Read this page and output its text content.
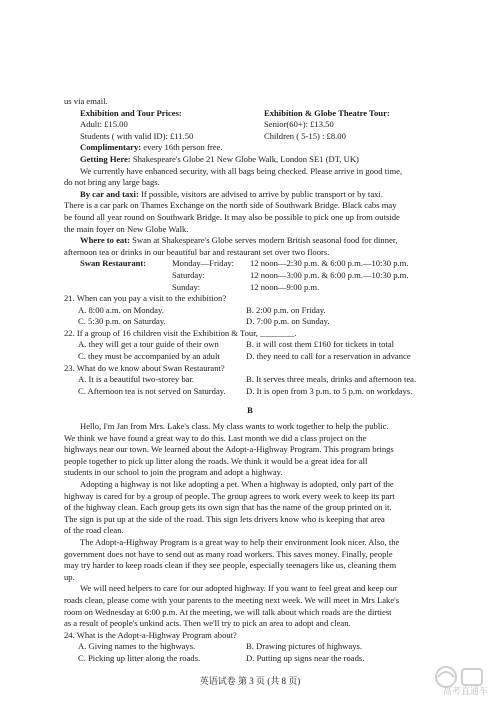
us via email.
Exhibition and Tour Prices:	Exhibition & Globe Theatre Tour:
Adult: £15.00	Senior(60+): £13.50
Students ( with valid ID): £11.50	Children ( 5-15) : £8.00
Complimentary: every 16th person free.
Getting Here: Shakespeare's Globe 21 New Globe Walk, London SE1 (DT, UK)
We currently have enhanced security, with all bags being checked. Please arrive in good time,
do not bring any large bags.
By car and taxi: If possible, visitors are advised to arrive by public transport or by taxi.
There is a car park on Thames Exchange on the north side of Southwark Bridge. Black cabs may
be found all year round on Southwark Bridge. It may also be possible to pick one up from outside
the main foyer on New Globe Walk.
Where to eat: Swan at Shakespeare's Globe serves modern British seasonal food for dinner,
afternoon tea or drinks in our beautiful bar and restaurant set over two floors.
Swan Restaurant:	Monday—Friday:	12 noon—2:30 p.m. & 6:00 p.m.—10:30 p.m.
Saturday:	12 noon—3:00 p.m. & 6:00 p.m.—10:30 p.m.
Sunday:	12 noon—9:00 p.m.
21. When can you pay a visit to the exhibition?
A. 8:00 a.m. on Monday.	B. 2:00 p.m. on Friday.
C. 5:30 p.m. on Saturday.	D. 7:00 p.m. on Sunday.
22. If a group of 16 children visit the Exhibition & Tour, ________.
A. they will get a tour guide of their own	B. it will cost them £160 for tickets in total
C. they must be accompanied by an adult	D. they need to call for a reservation in advance
23. What do we know about Swan Restaurant?
A. It is a beautiful two-storey bar.	B. It serves three meals, drinks and afternoon tea.
C. Afternoon tea is not served on Saturday.	D. It is open from 3 p.m. to 5 p.m. on workdays.
B
Hello, I'm Jan from Mrs. Lake's class. My class wants to work together to help the public.
We think we have found a great way to do this. Last month we did a class project on the
highways near our town. We learned about the Adopt-a-Highway Program. This program brings
people together to pick up litter along the roads. We think it would be a great idea for all
students in our school to join the program and adopt a highway.
Adopting a highway is not like adopting a pet. When a highway is adopted, only part of the
highway is cared for by a group of people. The group agrees to work every week to keep its part
of the highway clean. Each group gets its own sign that has the name of the group printed on it.
The sign is put up at the side of the road. This sign lets drivers know who is keeping that area
of the road clean.
The Adopt-a-Highway Program is a great way to help their environment look nicer. Also, the
government does not have to send out as many road workers. This saves money. Finally, people
may try harder to keep roads clean if they see people, especially teenagers like us, cleaning them
up.
We will need helpers to care for our adopted highway. If you want to feel great and keep our
roads clean, please come with your parents to the meeting next week. We will meet in Mrs Lake's
room on Wednesday at 6:00 p.m. At the meeting, we will talk about which roads are the dirtiest
as a result of people's unkind acts. Then we'll try to pick an area to adopt and clean.
24. What is the Adopt-a-Highway Program about?
A. Giving names to the highways.	B. Drawing pictures of highways.
C. Picking up litter along the roads.	D. Putting up signs near the roads.
英语试卷 第 3 页 (共 8 页)
高考直通车
